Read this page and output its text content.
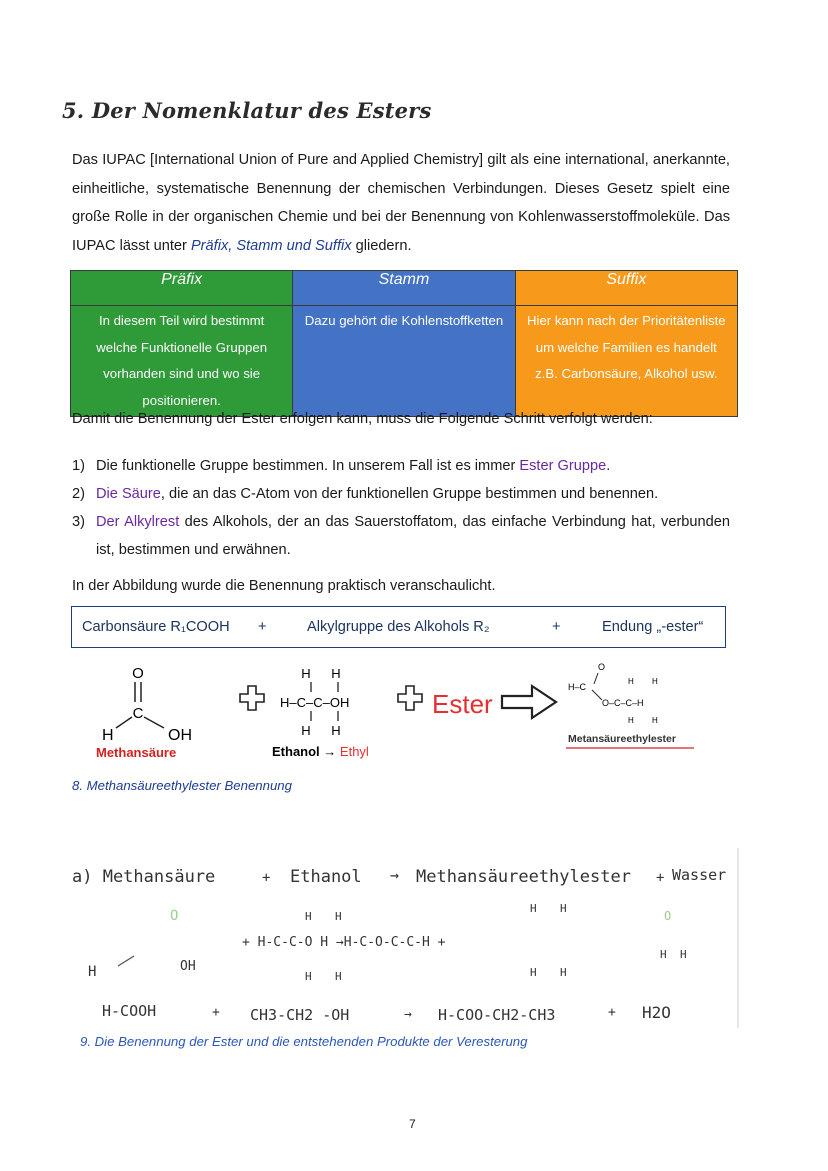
5. Der Nomenklatur des Esters

Das IUPAC [International Union of Pure and Applied Chemistry] gilt als eine international, anerkannte, einheitliche, systematische Benennung der chemischen Verbindungen. Dieses Gesetz spielt eine große Rolle in der organischen Chemie und bei der Benennung von Kohlenwasserstoffmoleküle. Das IUPAC lässt unter Präfix, Stamm und Suffix gliedern.

Präfix	Stamm	Suffix
In diesem Teil wird bestimmt welche Funktionelle Gruppen vorhanden sind und wo sie positionieren.	Dazu gehört die Kohlenstoffketten	Hier kann nach der Prioritätenliste um welche Familien es handelt z.B. Carbonsäure, Alkohol usw.

Damit die Benennung der Ester erfolgen kann, muss die Folgende Schritt verfolgt werden:

1) Die funktionelle Gruppe bestimmen. In unserem Fall ist es immer Ester Gruppe.
2) Die Säure, die an das C-Atom von der funktionellen Gruppe bestimmen und benennen.
3) Der Alkylrest des Alkohols, der an das Sauerstoffatom, das einfache Verbindung hat, verbunden ist, bestimmen und erwähnen.

In der Abbildung wurde die Benennung praktisch veranschaulicht.

Carbonsäure R₁COOH +	Alkylgruppe des Alkohols R₂	+	Endung „-ester“
O
C
H	OH
Methansäure
H H
H–C–C–OH
H H
Ethanol → Ethyl
Ester
O
H–C
H H
O–C–C–H
H H
Metansäureethylester

8. Methansäureethylester Benennung

a) Methansäure	+ Ethanol → Methansäureethylester + Wasser
O
H	OH
H H
+ H-C-C-O H →H-C-O-C-C-H +
H H
H H
H H
H H
O
H-COOH	+ CH3-CH2 -OH	→ H-COO-CH2-CH3	+ H2O

9. Die Benennung der Ester und die entstehenden Produkte der Veresterung

7
